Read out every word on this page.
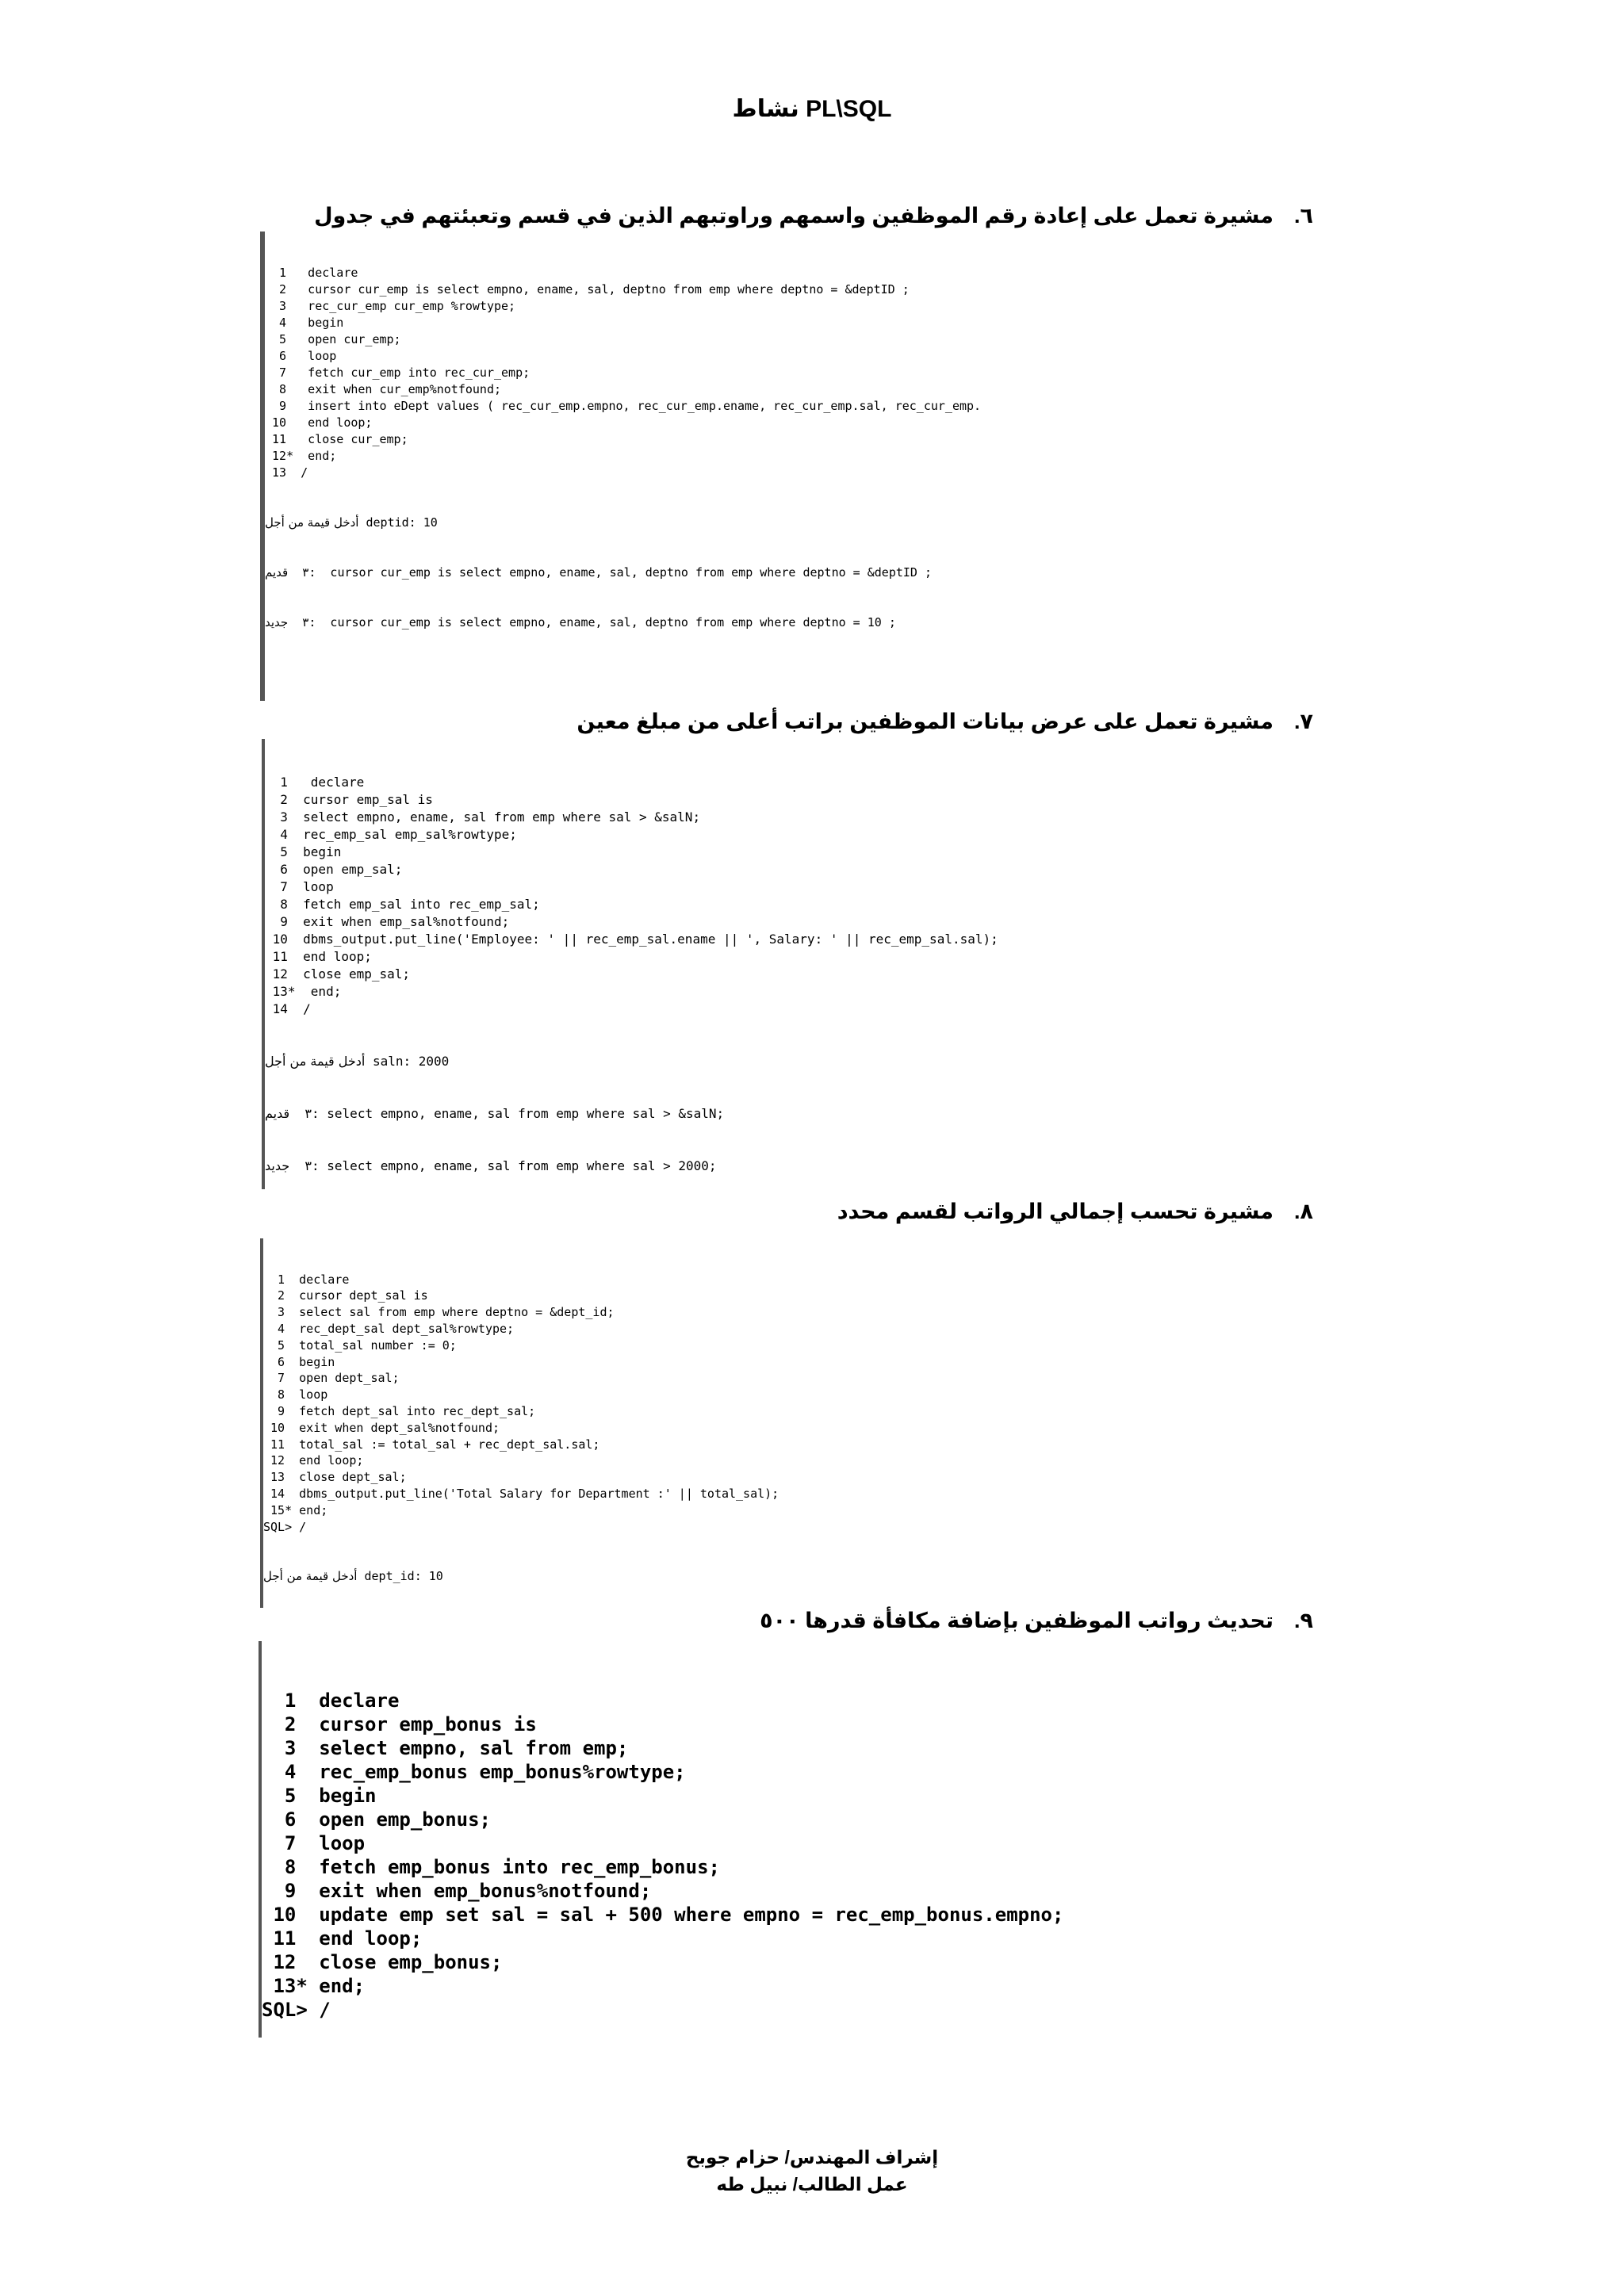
نشاط PL\SQL
٦.مشيرة تعمل على إعادة رقم الموظفين واسمهم وراوتبهم الذين في قسم وتعبئتهم في جدول

1   declare
2   cursor cur_emp is select empno, ename, sal, deptno from emp where deptno = &deptID ;
3   rec_cur_emp cur_emp %rowtype;
4   begin
5   open cur_emp;
6   loop
7   fetch cur_emp into rec_cur_emp;
8   exit when cur_emp%notfound;
9   insert into eDept values ( rec_cur_emp.empno, rec_cur_emp.ename, rec_cur_emp.sal, rec_cur_emp.
10   end loop;
11   close cur_emp;
12*  end;
13  /

أدخل قيمة من أجل deptid: 10

٣  قديم :  cursor cur_emp is select empno, ename, sal, deptno from emp where deptno = &deptID ;

٣  جديد :  cursor cur_emp is select empno, ename, sal, deptno from emp where deptno = 10 ;

٧.مشيرة تعمل على عرض بيانات الموظفين براتب أعلى من مبلغ معين

1   declare
2  cursor emp_sal is
3  select empno, ename, sal from emp where sal > &salN;
4  rec_emp_sal emp_sal%rowtype;
5  begin
6  open emp_sal;
7  loop
8  fetch emp_sal into rec_emp_sal;
9  exit when emp_sal%notfound;
10  dbms_output.put_line('Employee: ' || rec_emp_sal.ename || ', Salary: ' || rec_emp_sal.sal);
11  end loop;
12  close emp_sal;
13*  end;
14  /

أدخل قيمة من أجل saln: 2000

٣  قديم : select empno, ename, sal from emp where sal > &salN;

٣  جديد : select empno, ename, sal from emp where sal > 2000;

٨.مشيرة تحسب إجمالي الرواتب لقسم محدد

1  declare
2  cursor dept_sal is
3  select sal from emp where deptno = &dept_id;
4  rec_dept_sal dept_sal%rowtype;
5  total_sal number := 0;
6  begin
7  open dept_sal;
8  loop
9  fetch dept_sal into rec_dept_sal;
10  exit when dept_sal%notfound;
11  total_sal := total_sal + rec_dept_sal.sal;
12  end loop;
13  close dept_sal;
14  dbms_output.put_line('Total Salary for Department :' || total_sal);
15* end;
SQL> /

أدخل قيمة من أجل dept_id: 10

٩.تحديث رواتب الموظفين بإضافة مكافأة قدرها ٥٠٠

1  declare
2  cursor emp_bonus is
3  select empno, sal from emp;
4  rec_emp_bonus emp_bonus%rowtype;
5  begin
6  open emp_bonus;
7  loop
8  fetch emp_bonus into rec_emp_bonus;
9  exit when emp_bonus%notfound;
10  update emp set sal = sal + 500 where empno = rec_emp_bonus.empno;
11  end loop;
12  close emp_bonus;
13* end;
SQL> /

إشراف المهندس/ حزام جوبح
عمل الطالب/ نبيل طه
